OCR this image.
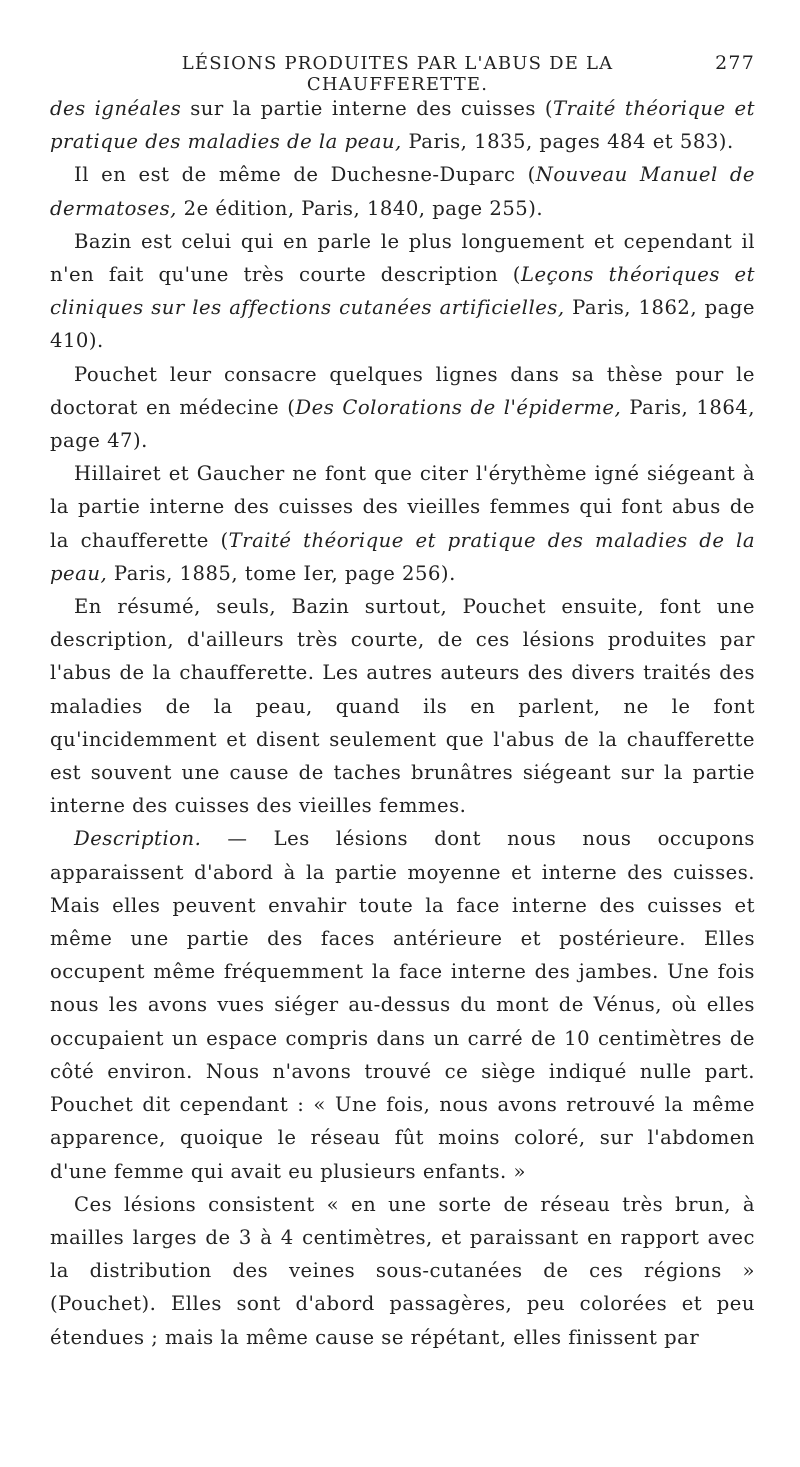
LÉSIONS PRODUITES PAR L'ABUS DE LA CHAUFFERETTE.
277

des ignéales sur la partie interne des cuisses (Traité théorique et pratique des maladies de la peau, Paris, 1835, pages 484 et 583).

Il en est de même de Duchesne-Duparc (Nouveau Manuel de dermatoses, 2e édition, Paris, 1840, page 255).

Bazin est celui qui en parle le plus longuement et cependant il n'en fait qu'une très courte description (Leçons théoriques et cliniques sur les affections cutanées artificielles, Paris, 1862, page 410).

Pouchet leur consacre quelques lignes dans sa thèse pour le doctorat en médecine (Des Colorations de l'épiderme, Paris, 1864, page 47).

Hillairet et Gaucher ne font que citer l'érythème igné siégeant à la partie interne des cuisses des vieilles femmes qui font abus de la chaufferette (Traité théorique et pratique des maladies de la peau, Paris, 1885, tome Ier, page 256).

En résumé, seuls, Bazin surtout, Pouchet ensuite, font une description, d'ailleurs très courte, de ces lésions produites par l'abus de la chaufferette. Les autres auteurs des divers traités des maladies de la peau, quand ils en parlent, ne le font qu'incidemment et disent seulement que l'abus de la chaufferette est souvent une cause de taches brunâtres siégeant sur la partie interne des cuisses des vieilles femmes.

Description. — Les lésions dont nous nous occupons apparaissent d'abord à la partie moyenne et interne des cuisses. Mais elles peuvent envahir toute la face interne des cuisses et même une partie des faces antérieure et postérieure. Elles occupent même fréquemment la face interne des jambes. Une fois nous les avons vues siéger au-dessus du mont de Vénus, où elles occupaient un espace compris dans un carré de 10 centimètres de côté environ. Nous n'avons trouvé ce siège indiqué nulle part. Pouchet dit cependant : « Une fois, nous avons retrouvé la même apparence, quoique le réseau fût moins coloré, sur l'abdomen d'une femme qui avait eu plusieurs enfants. »

Ces lésions consistent « en une sorte de réseau très brun, à mailles larges de 3 à 4 centimètres, et paraissant en rapport avec la distribution des veines sous-cutanées de ces régions » (Pouchet). Elles sont d'abord passagères, peu colorées et peu étendues ; mais la même cause se répétant, elles finissent par
